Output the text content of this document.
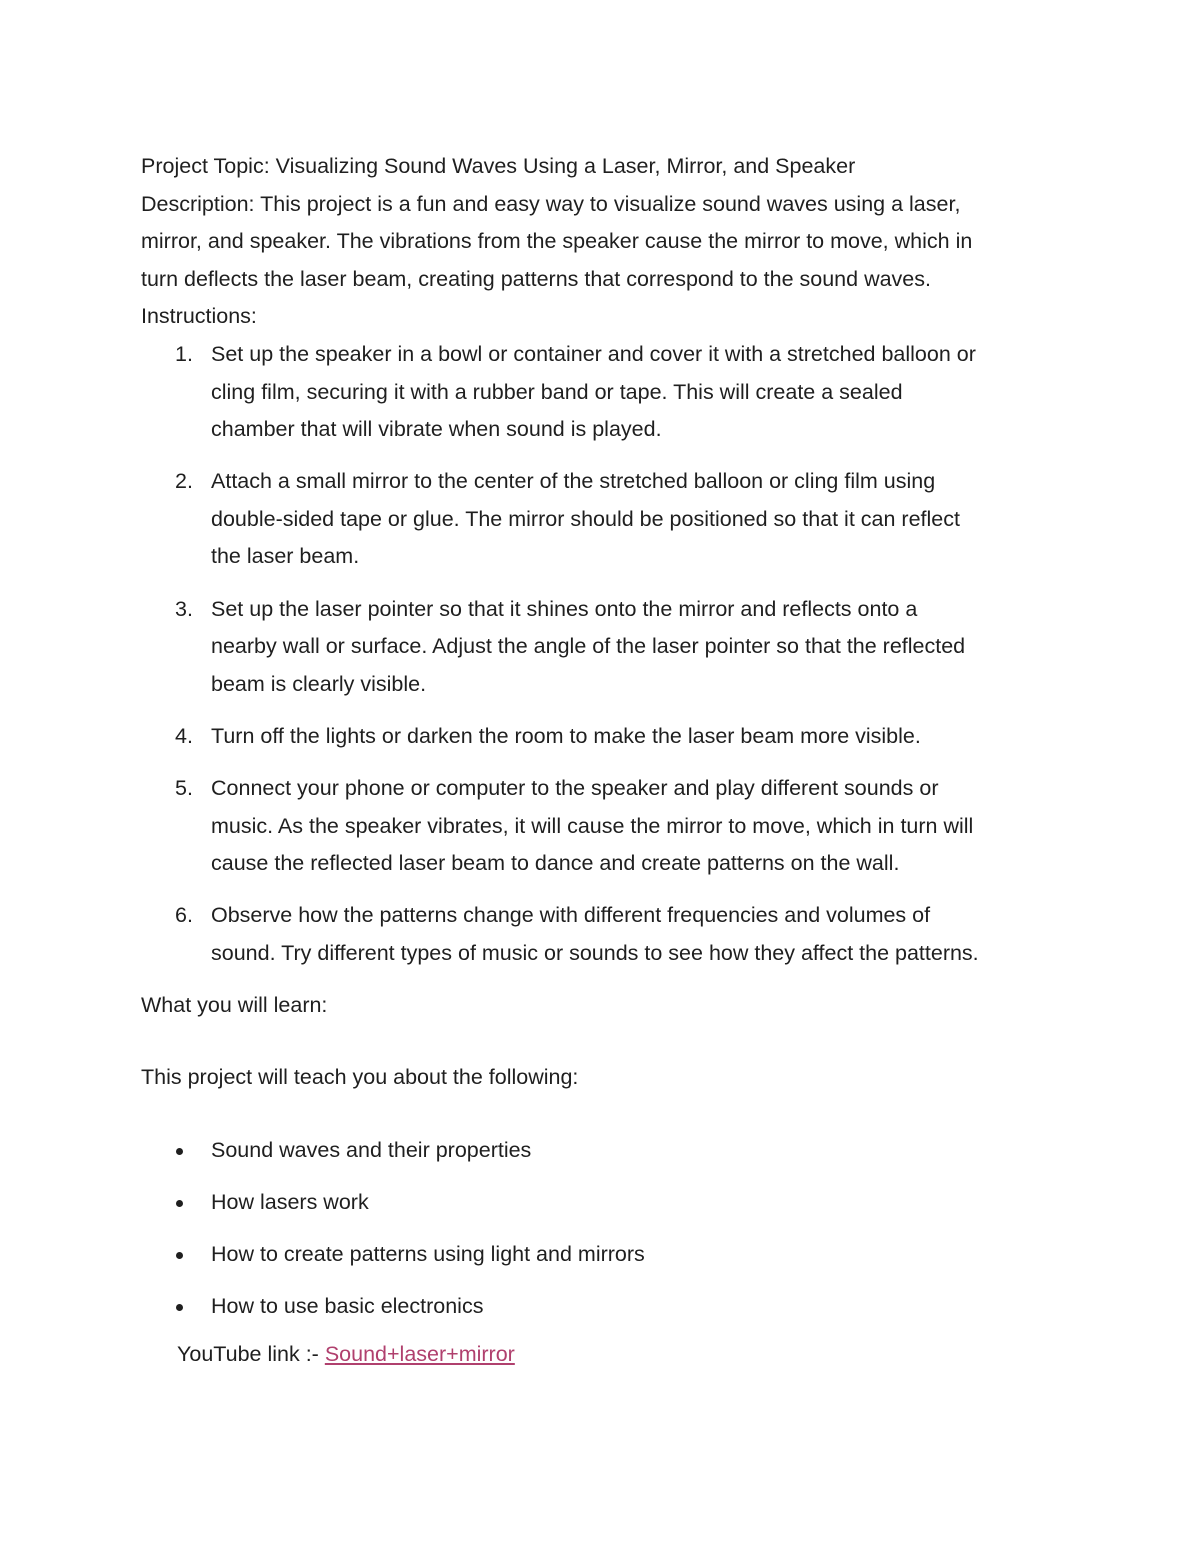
Project Topic: Visualizing Sound Waves Using a Laser, Mirror, and Speaker

Description: This project is a fun and easy way to visualize sound waves using a laser,

mirror, and speaker. The vibrations from the speaker cause the mirror to move, which in

turn deflects the laser beam, creating patterns that correspond to the sound waves.

Instructions:

1. Set up the speaker in a bowl or container and cover it with a stretched balloon or

cling film, securing it with a rubber band or tape. This will create a sealed

chamber that will vibrate when sound is played.

2. Attach a small mirror to the center of the stretched balloon or cling film using

double-sided tape or glue. The mirror should be positioned so that it can reflect

the laser beam.

3. Set up the laser pointer so that it shines onto the mirror and reflects onto a

nearby wall or surface. Adjust the angle of the laser pointer so that the reflected

beam is clearly visible.

4. Turn off the lights or darken the room to make the laser beam more visible.

5. Connect your phone or computer to the speaker and play different sounds or

music. As the speaker vibrates, it will cause the mirror to move, which in turn will

cause the reflected laser beam to dance and create patterns on the wall.

6. Observe how the patterns change with different frequencies and volumes of

sound. Try different types of music or sounds to see how they affect the patterns.

What you will learn:

This project will teach you about the following:

Sound waves and their properties
How lasers work
How to create patterns using light and mirrors
How to use basic electronics

YouTube link :- Sound+laser+mirror
